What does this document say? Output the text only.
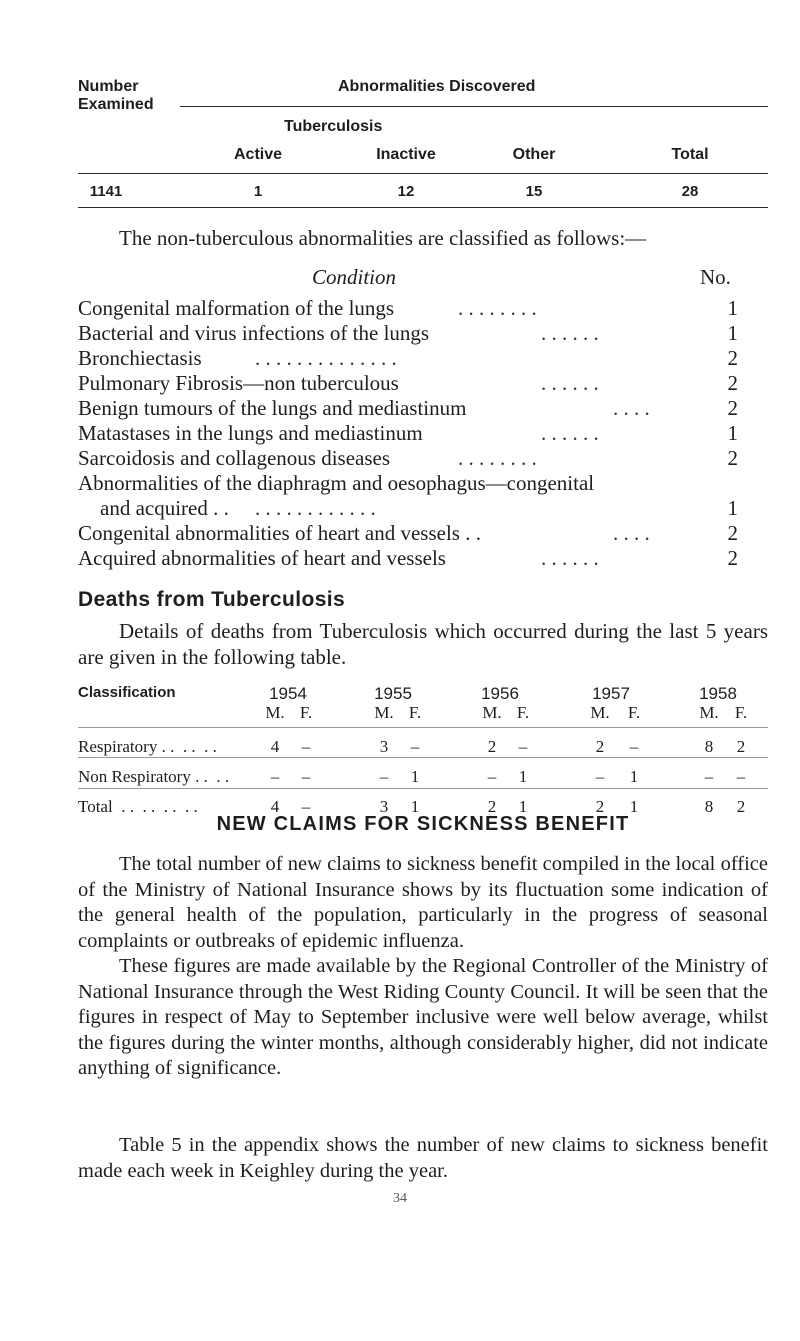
Number
Examined
Abnormalities Discovered
Tuberculosis
Active	Inactive	Other	Total
1141	1	12	15	28
The non-tuberculous abnormalities are classified as follows:—
Condition	No.
Congenital malformation of the lungs	. . . . . . . .	1
Bacterial and virus infections of the lungs	. . . . . .	1
Bronchiectasis	. . . . . . . . . . . . . .	2
Pulmonary Fibrosis—non tuberculous	. . . . . .	2
Benign tumours of the lungs and mediastinum	. . . .	2
Matastases in the lungs and mediastinum	. . . . . .	1
Sarcoidosis and collagenous diseases	. . . . . . . .	2
Abnormalities of the diaphragm and oesophagus—congenital
and acquired . . . . . . . . . . . . . .	1
Congenital abnormalities of heart and vessels . .	. . . .	2
Acquired abnormalities of heart and vessels	. . . . . .	2
Deaths from Tuberculosis

Details of deaths from Tuberculosis which occurred during the last 5 years are given in the following table.

Classification	1954	1955	1956	1957	1958
M. F.	M. F.	M. F.	M.	F.	M. F.
Respiratory . .  . .  . .	4	–	3	–	2	–	2	–	8	2
Non Respiratory . .  . .	–	–	–	1	–	1	–	1	–	–
Total  . .  . .  . .  . .	4	–	3	1	2	1	2	1	8	2
NEW CLAIMS FOR SICKNESS BENEFIT

The total number of new claims to sickness benefit compiled in the local office of the Ministry of National Insurance shows by its fluctuation some indication of the general health of the population, particularly in the progress of seasonal complaints or outbreaks of epidemic influenza.

These figures are made available by the Regional Controller of the Ministry of National Insurance through the West Riding County Council. It will be seen that the figures in respect of May to September inclusive were well below average, whilst the figures during the winter months, although considerably higher, did not indicate anything of significance.

Table 5 in the appendix shows the number of new claims to sickness benefit made each week in Keighley during the year.

34
